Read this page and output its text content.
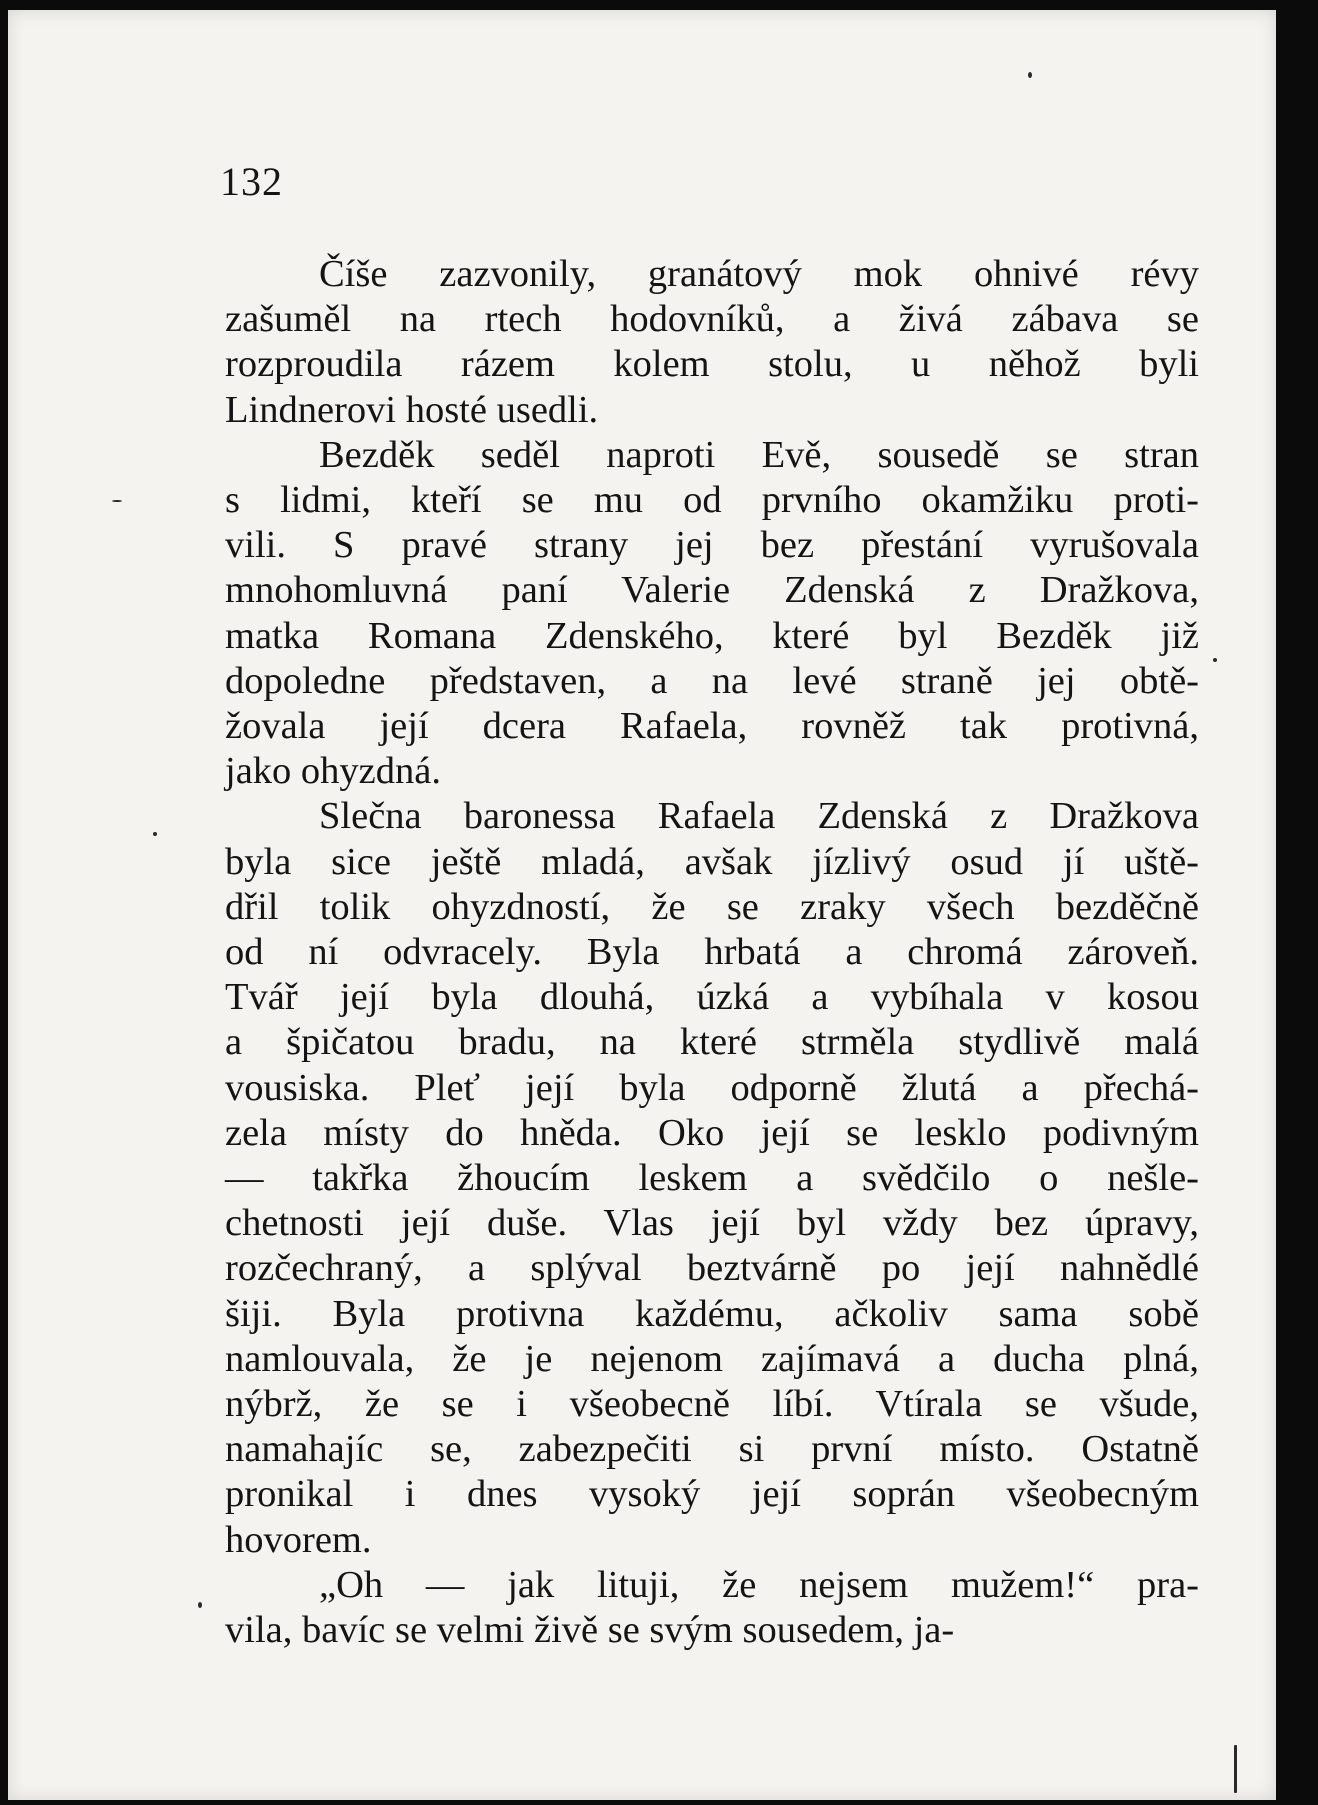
132
Číše zazvonily, granátový mok ohnivé révy
zašuměl na rtech hodovníků, a živá zábava se
rozproudila rázem kolem stolu, u něhož byli
Lindnerovi hosté usedli.
Bezděk seděl naproti Evě, sousedě se stran
s lidmi, kteří se mu od prvního okamžiku proti-
vili. S pravé strany jej bez přestání vyrušovala
mnohomluvná paní Valerie Zdenská z Dražkova,
matka Romana Zdenského, které byl Bezděk již
dopoledne představen, a na levé straně jej obtě-
žovala její dcera Rafaela, rovněž tak protivná,
jako ohyzdná.
Slečna baronessa Rafaela Zdenská z Dražkova
byla sice ještě mladá, avšak jízlivý osud jí uště-
dřil tolik ohyzdností, že se zraky všech bezděčně
od ní odvracely. Byla hrbatá a chromá zároveň.
Tvář její byla dlouhá, úzká a vybíhala v kosou
a špičatou bradu, na které strměla stydlivě malá
vousiska. Pleť její byla odporně žlutá a přechá-
zela místy do hněda. Oko její se lesklo podivným
— takřka žhoucím leskem a svědčilo o nešle-
chetnosti její duše. Vlas její byl vždy bez úpravy,
rozčechraný, a splýval beztvárně po její nahnědlé
šiji. Byla protivna každému, ačkoliv sama sobě
namlouvala, že je nejenom zajímavá a ducha plná,
nýbrž, že se i všeobecně líbí. Vtírala se všude,
namahajíc se, zabezpečiti si první místo. Ostatně
pronikal i dnes vysoký její soprán všeobecným
hovorem.
„Oh — jak lituji, že nejsem mužem!“ pra-
vila, bavíc se velmi živě se svým sousedem, ja-
